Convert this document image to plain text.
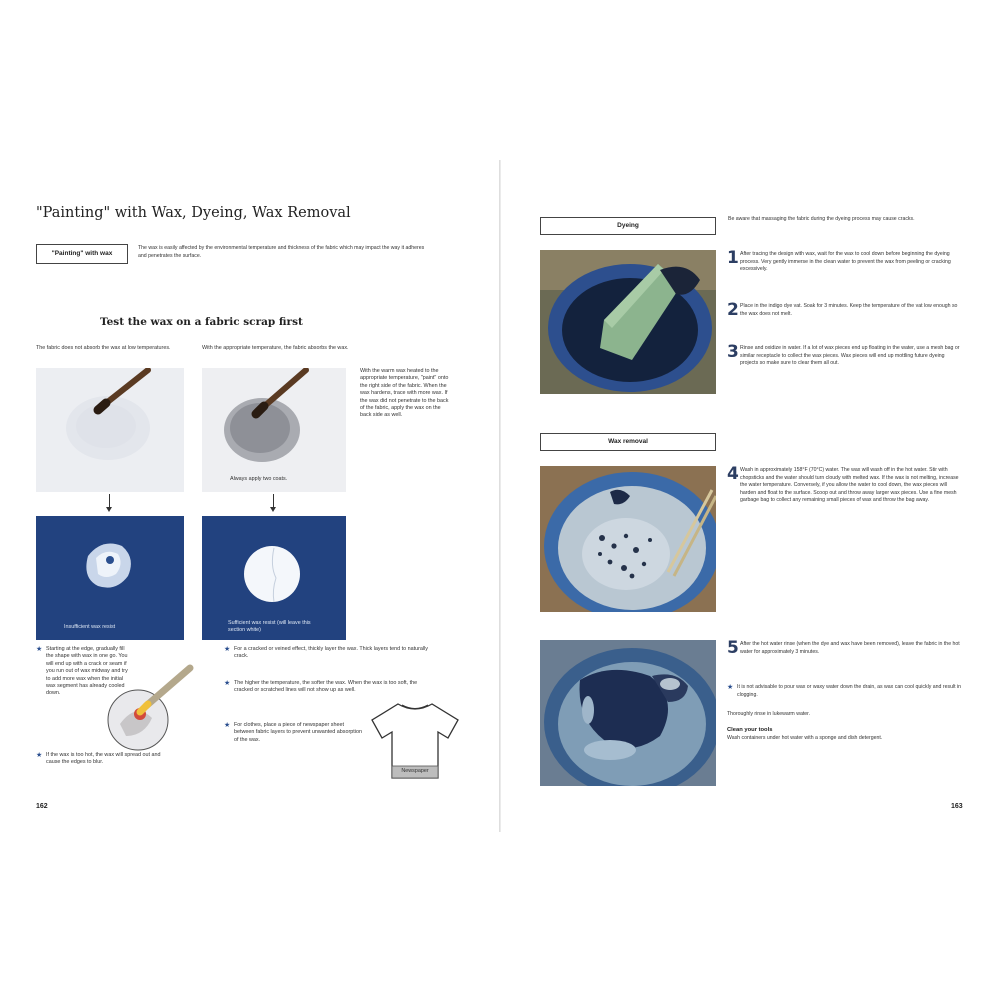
"Painting" with Wax, Dyeing, Wax Removal
"Painting" with wax
The wax is easily affected by the environmental temperature and thickness of the fabric which may impact the way it adheres and penetrates the surface.
Test the wax on a fabric scrap first
The fabric does not absorb the wax at low temperatures.	With the appropriate temperature, the fabric absorbs the wax.
Always apply two coats.
With the warm wax heated to the appropriate temperature, "paint" onto the right side of the fabric. When the wax hardens, trace with more wax. If the wax did not penetrate to the back of the fabric, apply the wax on the back side as well.
Insufficient wax resist
Sufficient wax resist (will leave this section white)
★ Starting at the edge, gradually fill the shape with wax in one go. You will end up with a crack or seam if you run out of wax midway and try to add more wax when the initial wax segment has already cooled down.
★ If the wax is too hot, the wax will spread out and cause the edges to blur.
★ For a cracked or veined effect, thickly layer the wax. Thick layers tend to naturally crack.
★ The higher the temperature, the softer the wax. When the wax is too soft, the cracked or scratched lines will not show up as well.
★ For clothes, place a piece of newspaper sheet between fabric layers to prevent unwanted absorption of the wax.
Newspaper
162
Dyeing
Be aware that massaging the fabric during the dyeing process may cause cracks.
1 After tracing the design with wax, wait for the wax to cool down before beginning the dyeing process. Very gently immerse in the clean water to prevent the wax from peeling or cracking excessively.
2 Place in the indigo dye vat. Soak for 3 minutes. Keep the temperature of the vat low enough so the wax does not melt.
3 Rinse and oxidize in water. If a lot of wax pieces end up floating in the water, use a mesh bag or similar receptacle to collect the wax pieces. Wax pieces will end up mottling future dyeing projects so make sure to clear them all out.
Wax removal
4 Wash in approximately 158°F (70°C) water. The wax will wash off in the hot water. Stir with chopsticks and the water should turn cloudy with melted wax. If the wax is not melting, increase the water temperature. Conversely, if you allow the water to cool down, the wax pieces will harden and float to the surface. Scoop out and throw away larger wax pieces. Use a fine mesh garbage bag to collect any remaining small pieces of wax and throw the bag away.
5 After the hot water rinse (when the dye and wax have been removed), leave the fabric in the hot water for approximately 3 minutes.
★ It is not advisable to pour wax or waxy water down the drain, as wax can cool quickly and result in clogging.
Thoroughly rinse in lukewarm water.
Clean your tools
Wash containers under hot water with a sponge and dish detergent.
163
